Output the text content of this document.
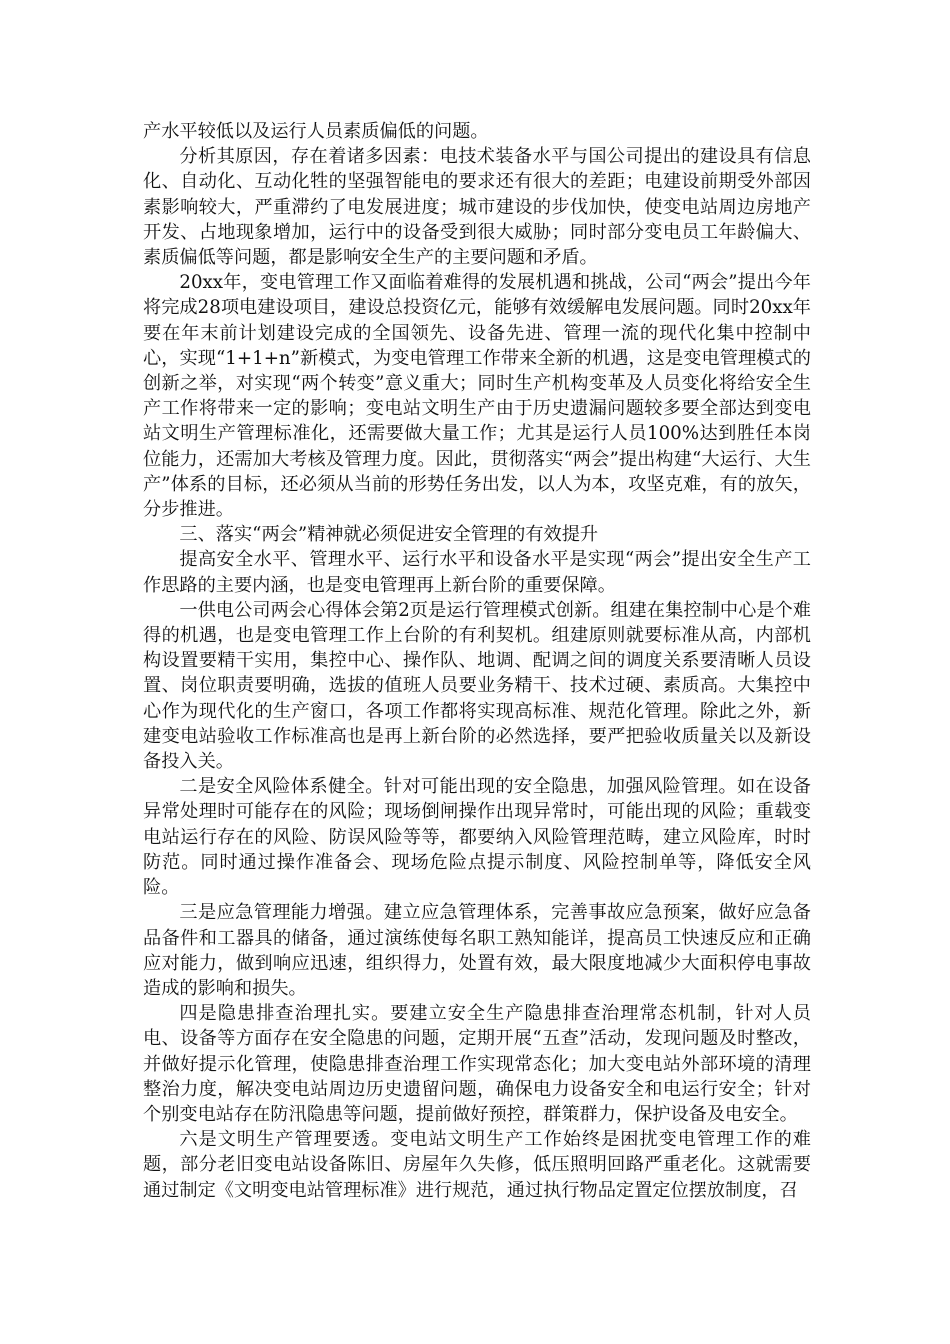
产水平较低以及运行人员素质偏低的问题。

分析其原因，存在着诸多因素：电技术装备水平与国公司提出的建设具有信息化、自动化、互动化牲的坚强智能电的要求还有很大的差距；电建设前期受外部因素影响较大，严重滞约了电发展进度；城市建设的步伐加快，使变电站周边房地产开发、占地现象增加，运行中的设备受到很大威胁；同时部分变电员工年龄偏大、素质偏低等问题，都是影响安全生产的主要问题和矛盾。

20xx年，变电管理工作又面临着难得的发展机遇和挑战，公司“两会”提出今年将完成28项电建设项目，建设总投资亿元，能够有效缓解电发展问题。同时20xx年要在年末前计划建设完成的全国领先、设备先进、管理一流的现代化集中控制中心，实现“1+1+n”新模式，为变电管理工作带来全新的机遇，这是变电管理模式的创新之举，对实现“两个转变”意义重大；同时生产机构变革及人员变化将给安全生产工作将带来一定的影响；变电站文明生产由于历史遗漏问题较多要全部达到变电站文明生产管理标准化，还需要做大量工作；尤其是运行人员100%达到胜任本岗位能力，还需加大考核及管理力度。因此，贯彻落实“两会”提出构建“大运行、大生产”体系的目标，还必须从当前的形势任务出发，以人为本，攻坚克难，有的放矢，分步推进。

三、落实“两会”精神就必须促进安全管理的有效提升

提高安全水平、管理水平、运行水平和设备水平是实现“两会”提出安全生产工作思路的主要内涵，也是变电管理再上新台阶的重要保障。

一供电公司两会心得体会第2页是运行管理模式创新。组建在集控制中心是个难得的机遇，也是变电管理工作上台阶的有利契机。组建原则就要标准从高，内部机构设置要精干实用，集控中心、操作队、地调、配调之间的调度关系要清晰人员设置、岗位职责要明确，选拔的值班人员要业务精干、技术过硬、素质高。大集控中心作为现代化的生产窗口，各项工作都将实现高标准、规范化管理。除此之外，新建变电站验收工作标准高也是再上新台阶的必然选择，要严把验收质量关以及新设备投入关。

二是安全风险体系健全。针对可能出现的安全隐患，加强风险管理。如在设备异常处理时可能存在的风险；现场倒闸操作出现异常时，可能出现的风险；重载变电站运行存在的风险、防误风险等等，都要纳入风险管理范畴，建立风险库，时时防范。同时通过操作准备会、现场危险点提示制度、风险控制单等，降低安全风险。

三是应急管理能力增强。建立应急管理体系，完善事故应急预案，做好应急备品备件和工器具的储备，通过演练使每名职工熟知能详，提高员工快速反应和正确应对能力，做到响应迅速，组织得力，处置有效，最大限度地减少大面积停电事故造成的影响和损失。

四是隐患排查治理扎实。要建立安全生产隐患排查治理常态机制，针对人员电、设备等方面存在安全隐患的问题，定期开展“五查”活动，发现问题及时整改，并做好提示化管理，使隐患排查治理工作实现常态化；加大变电站外部环境的清理整治力度，解决变电站周边历史遗留问题，确保电力设备安全和电运行安全；针对个别变电站存在防汛隐患等问题，提前做好预控，群策群力，保护设备及电安全。

六是文明生产管理要透。变电站文明生产工作始终是困扰变电管理工作的难题，部分老旧变电站设备陈旧、房屋年久失修，低压照明回路严重老化。这就需要通过制定《文明变电站管理标准》进行规范，通过执行物品定置定位摆放制度，召
